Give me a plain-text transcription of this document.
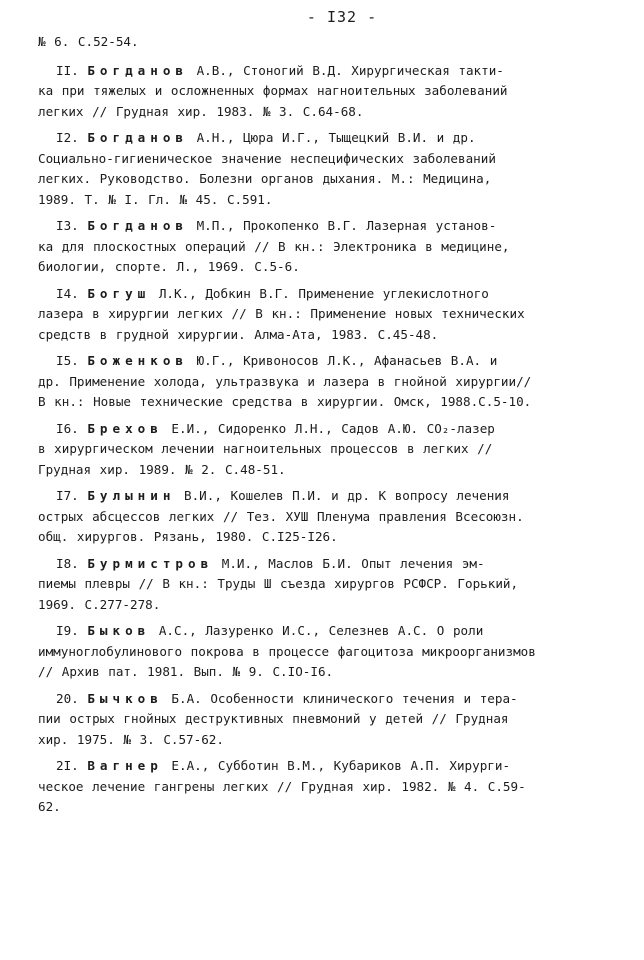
- I32 -
№ 6. С.52-54.
II. Богданов А.В., Стоногий В.Д. Хирургическая такти-
ка при тяжелых и осложненных формах нагноительных заболеваний
легких // Грудная хир. 1983. № 3. С.64-68.
I2. Богданов А.Н., Цюра И.Г., Тыщецкий В.И. и др.
Социально-гигиеническое значение неспецифических заболеваний
легких. Руководство. Болезни органов дыхания. М.: Медицина,
1989. Т. № I. Гл. № 45. С.591.
I3. Богданов М.П., Прокопенко В.Г. Лазерная установ-
ка для плоскостных операций // В кн.: Электроника в медицине,
биологии, спорте. Л., 1969. С.5-6.
I4. Богуш Л.К., Добкин В.Г. Применение углекислотного
лазера в хирургии легких // В кн.: Применение новых технических
средств в грудной хирургии. Алма-Ата, 1983. С.45-48.
I5. Боженков Ю.Г., Кривоносов Л.К., Афанасьев В.А. и
др. Применение холода, ультразвука и лазера в гнойной хирургии//
В кн.: Новые технические средства в хирургии. Омск, 1988.С.5-10.
I6. Брехов Е.И., Сидоренко Л.Н., Садов А.Ю. CO₂-лазер
в хирургическом лечении нагноительных процессов в легких //
Грудная хир. 1989. № 2. С.48-51.
I7. Булынин В.И., Кошелев П.И. и др. К вопросу лечения
острых абсцессов легких // Тез. ХУШ Пленума правления Всесоюзн.
общ. хирургов. Рязань, 1980. С.I25-I26.
I8. Бурмистров М.И., Маслов Б.И. Опыт лечения эм-
пиемы плевры // В кн.: Труды Ш съезда хирургов РСФСР. Горький,
1969. С.277-278.
I9. Быков А.С., Лазуренко И.С., Селезнев А.С. О роли
иммуноглобулинового покрова в процессе фагоцитоза микроорганизмов
// Архив пат. 1981. Вып. № 9. С.IO-I6.
20. Бычков Б.А. Особенности клинического течения и тера-
пии острых гнойных деструктивных пневмоний у детей // Грудная
хир. 1975. № 3. С.57-62.
2I. Вагнер Е.А., Субботин В.М., Кубариков А.П. Хирурги-
ческое лечение гангрены легких // Грудная хир. 1982. № 4. С.59-
62.
